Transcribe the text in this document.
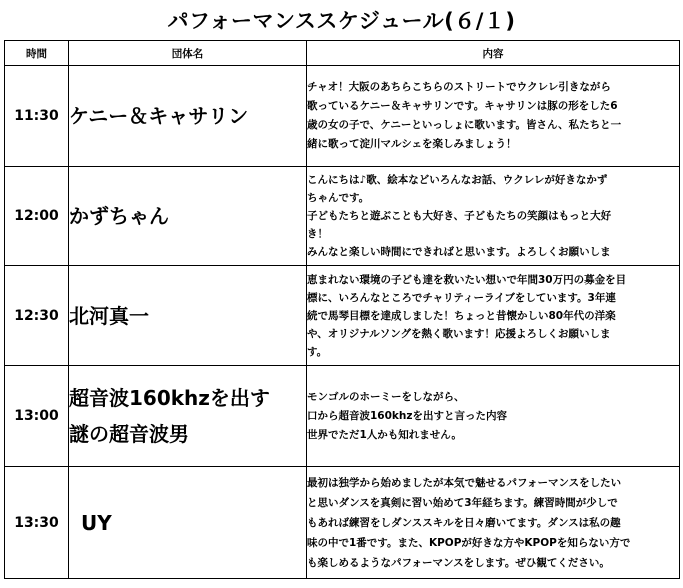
パフォーマンススケジュール(６/１)
時間	団体名	内容
11:30	ケニー＆キャサリン	チャオ！大阪のあちらこちらのストリートでウクレレ引きながら
歌っているケニー＆キャサリンです。キャサリンは豚の形をした6
歳の女の子で、ケニーといっしょに歌います。皆さん、私たちと一
緒に歌って淀川マルシェを楽しみましょう！

12:00	かずちゃん	こんにちは♪歌、絵本などいろんなお話、ウクレレが好きなかず
ちゃんです。
子どもたちと遊ぶことも大好き、子どもたちの笑顔はもっと大好
き！
みんなと楽しい時間にできればと思います。よろしくお願いしま

12:30	北河真一	恵まれない環境の子ども達を救いたい想いで年間30万円の募金を目
標に、いろんなところでチャリティーライブをしています。3年連
続で馬琴目標を達成しました！ちょっと昔懐かしい80年代の洋楽
や、オリジナルソングを熱く歌います！応援よろしくお願いしま
す。

13:00	超音波160khzを出す
謎の超音波男	モンゴルのホーミーをしながら、
口から超音波160khzを出すと言った内容
世界でただ1人かも知れません。

13:30	UY	最初は独学から始めましたが本気で魅せるパフォーマンスをしたい
と思いダンスを真剣に習い始めて3年経ちます。練習時間が少しで
もあれば練習をしダンススキルを日々磨いてます。ダンスは私の趣
味の中で1番です。また、KPOPが好きな方やKPOPを知らない方で
も楽しめるようなパフォーマンスをします。ぜひ観てください。
